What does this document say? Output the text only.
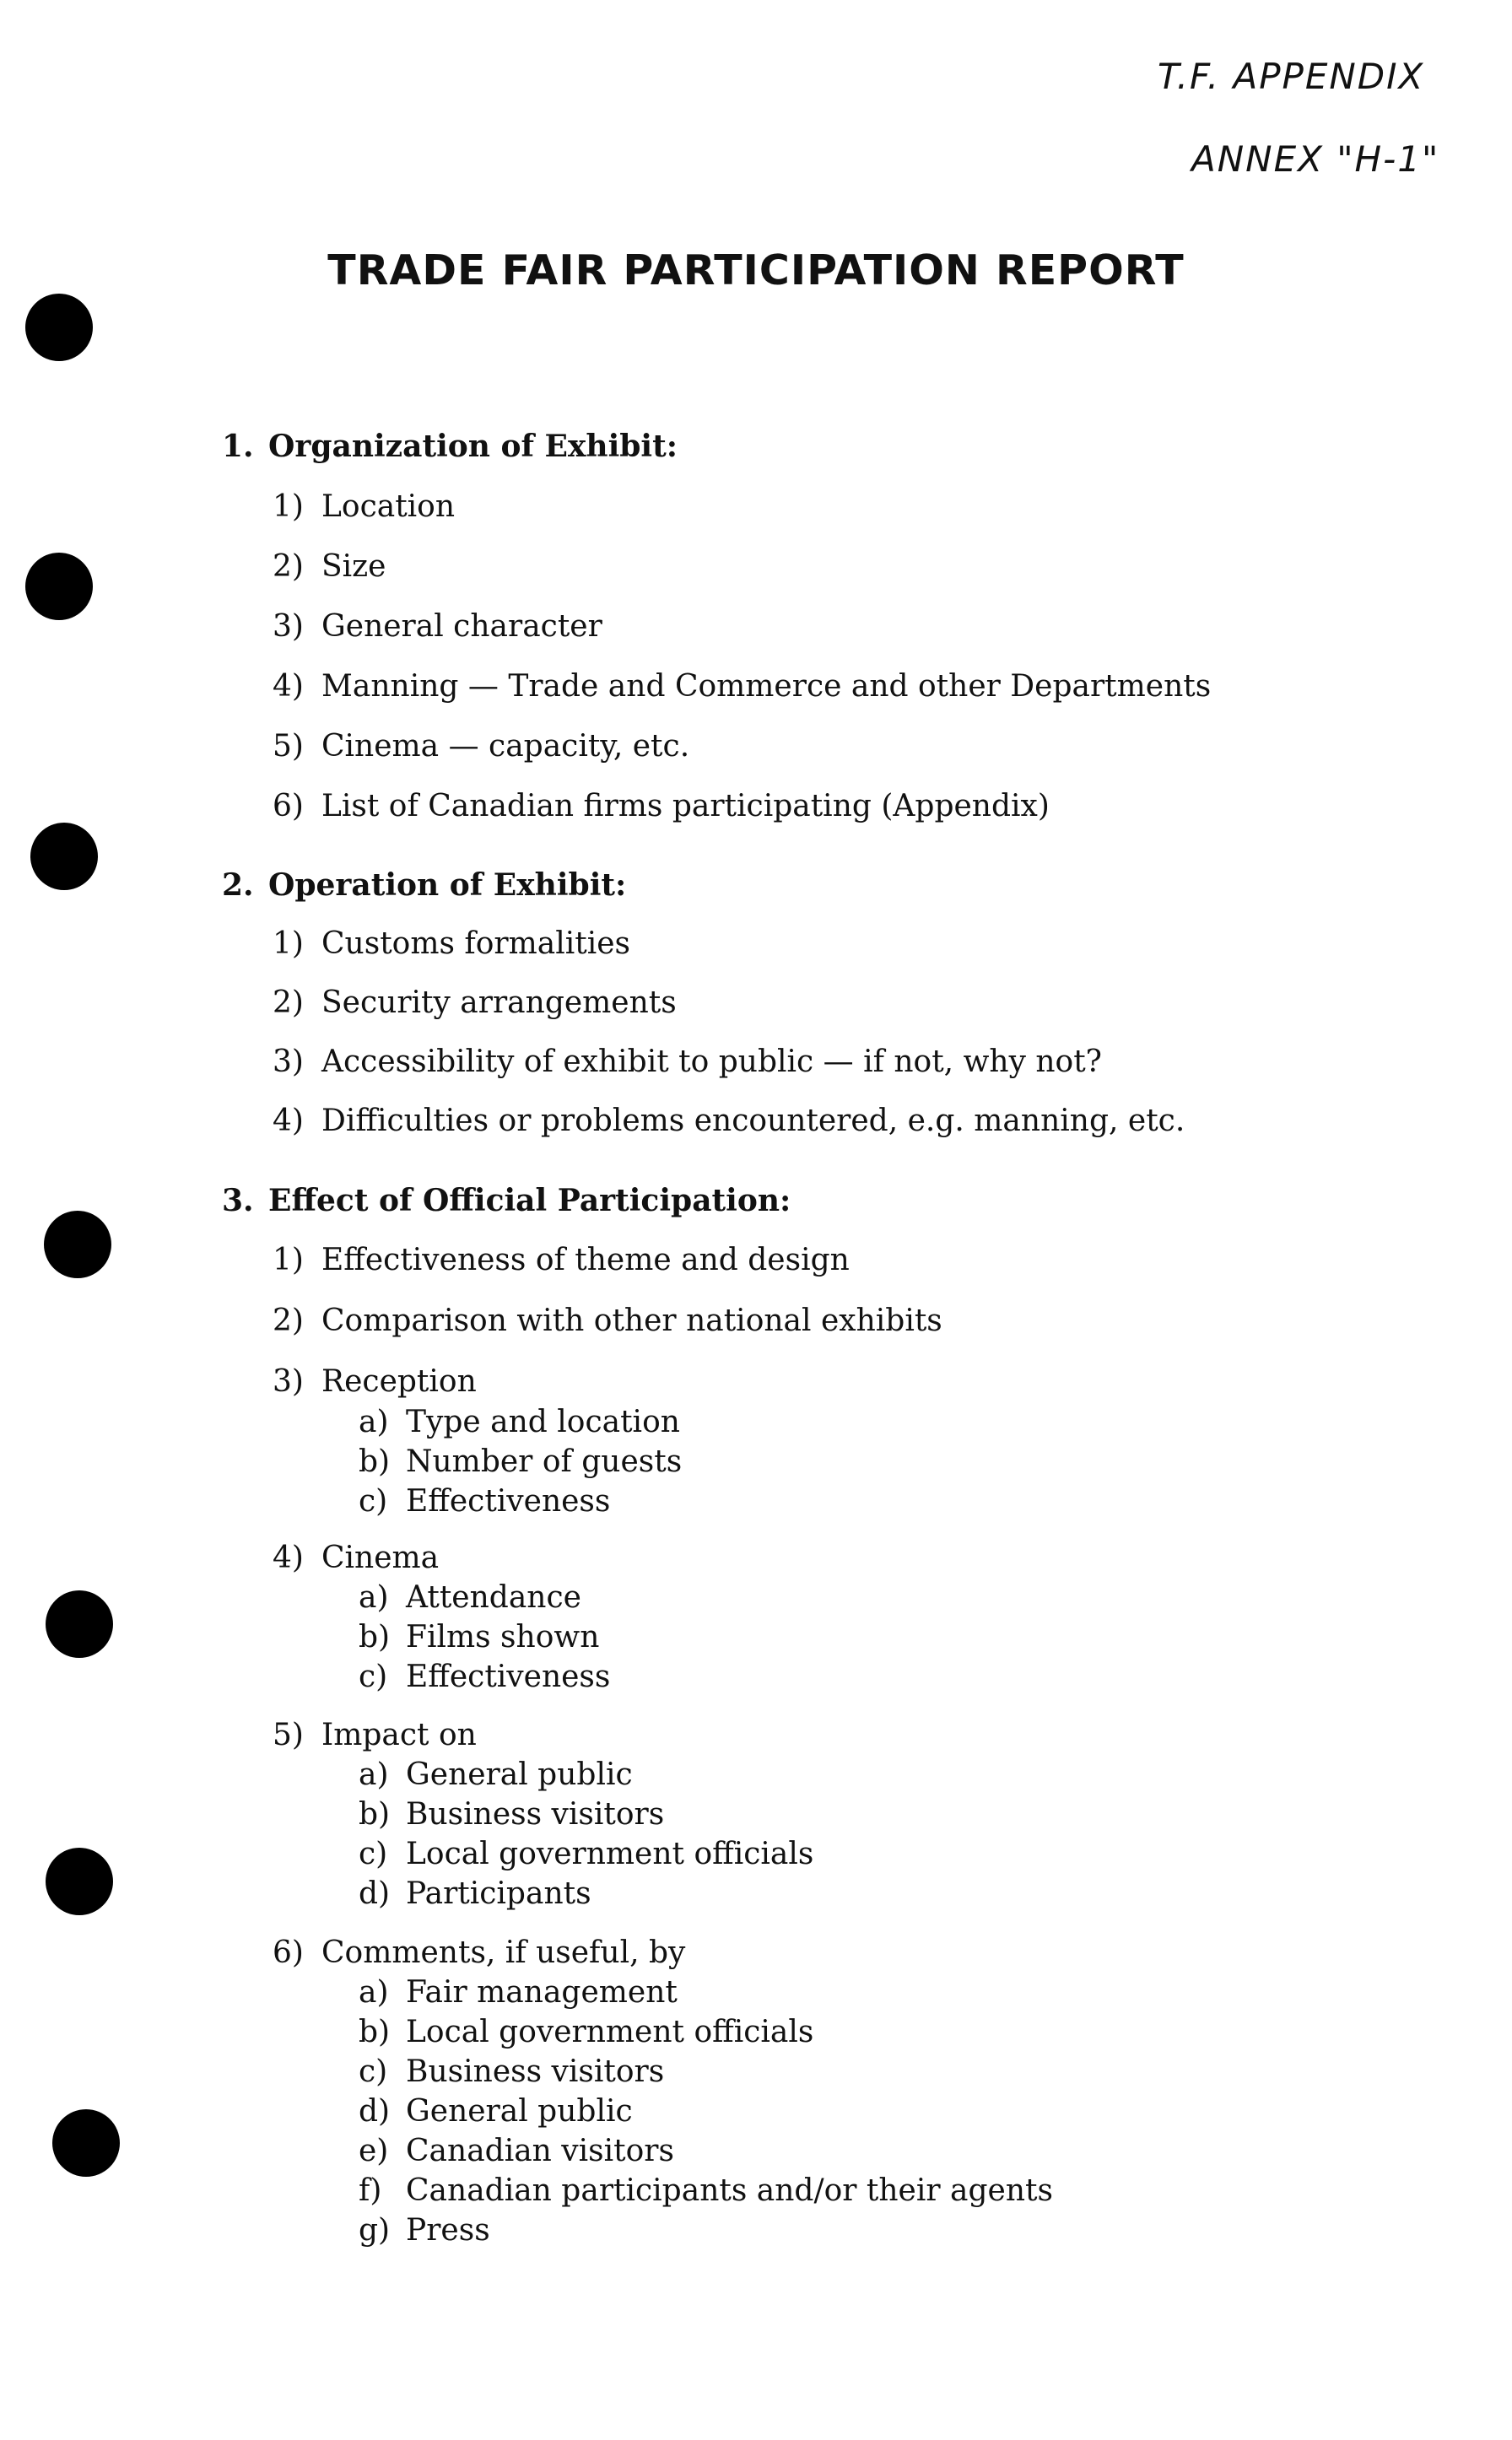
T.F. APPENDIX
ANNEX "H-1"
TRADE FAIR PARTICIPATION REPORT
1. Organization of Exhibit:
1) Location
2) Size
3) General character
4) Manning — Trade and Commerce and other Departments
5) Cinema — capacity, etc.
6) List of Canadian firms participating (Appendix)
2. Operation of Exhibit:
1) Customs formalities
2) Security arrangements
3) Accessibility of exhibit to public — if not, why not?
4) Difficulties or problems encountered, e.g. manning, etc.
3. Effect of Official Participation:
1) Effectiveness of theme and design
2) Comparison with other national exhibits
3) Reception
a) Type and location
b) Number of guests
c) Effectiveness
4) Cinema
a) Attendance
b) Films shown
c) Effectiveness
5) Impact on
a) General public
b) Business visitors
c) Local government officials
d) Participants
6) Comments, if useful, by
a) Fair management
b) Local government officials
c) Business visitors
d) General public
e) Canadian visitors
f) Canadian participants and/or their agents
g) Press
